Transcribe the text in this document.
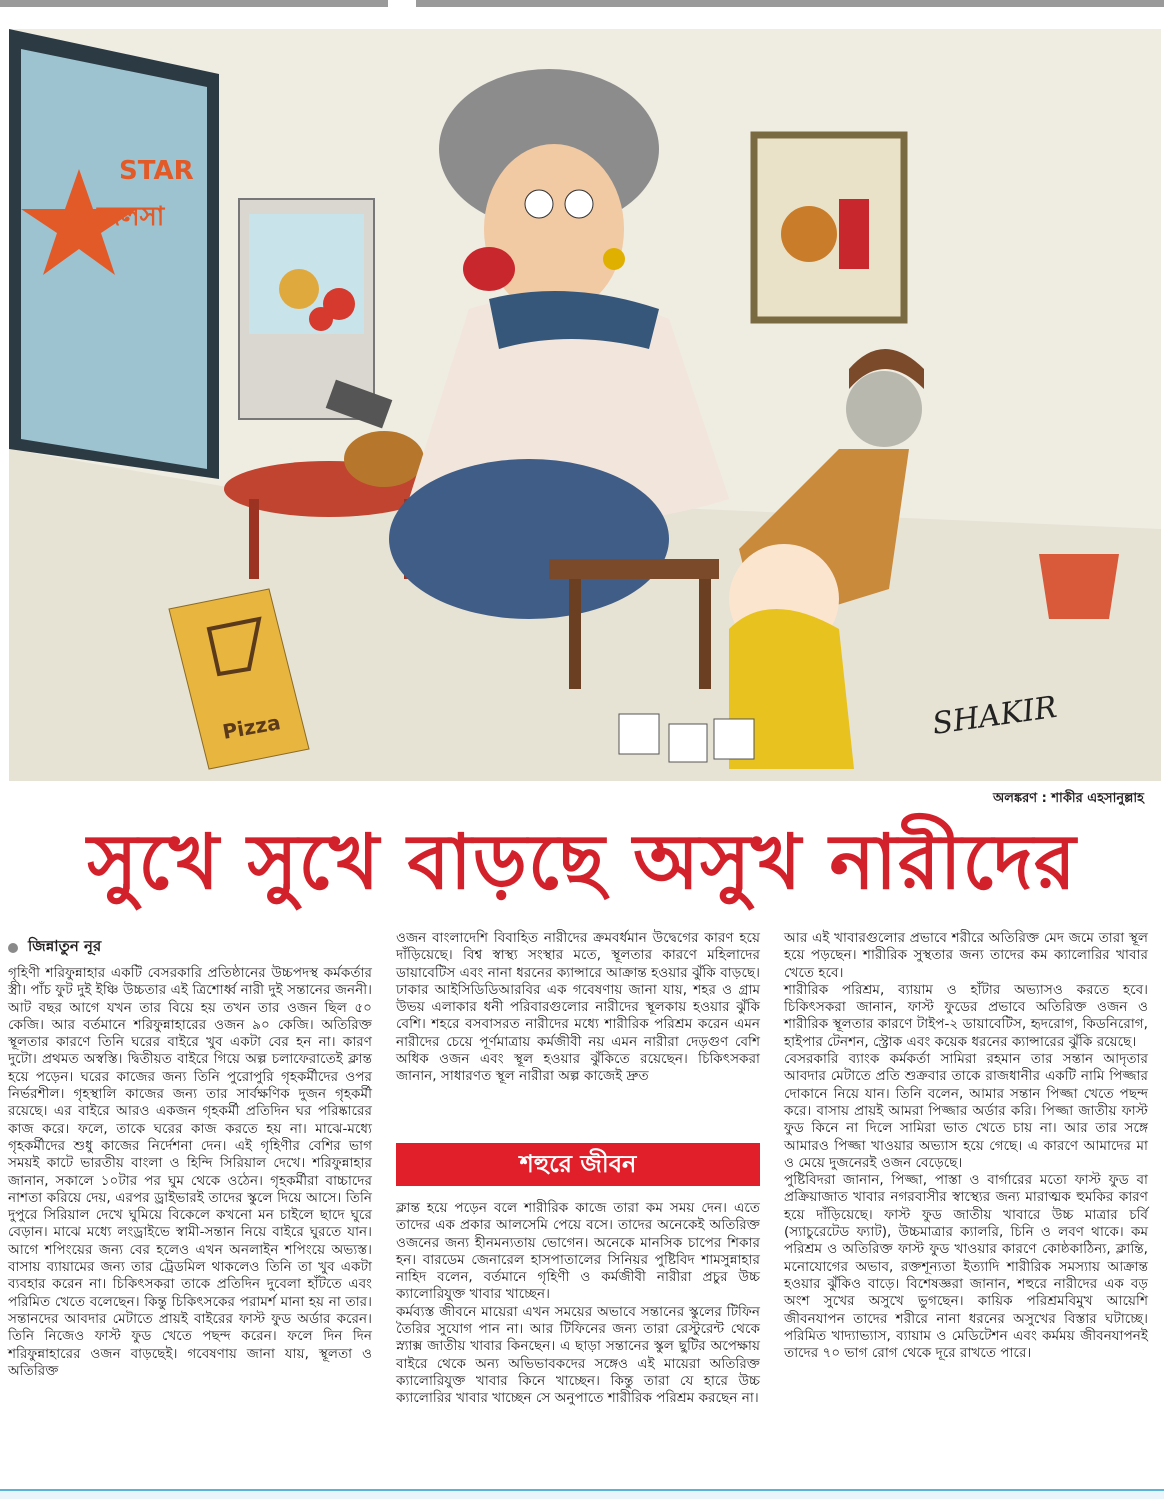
STAR
জলসা
Pizza	SHAKIR
অলঙ্করণ : শাকীর এহসানুল্লাহ
সুখে সুখে বাড়ছে অসুখ নারীদের
জিন্নাতুন নূর

গৃহিণী শরিফুন্নাহার একটি বেসরকারি প্রতিষ্ঠানের উচ্চপদস্থ কর্মকর্তার স্ত্রী। পাঁচ ফুট দুই ইঞ্চি উচ্চতার এই ত্রিশোর্ধ্ব নারী দুই সন্তানের জননী। আট বছর আগে যখন তার বিয়ে হয় তখন তার ওজন ছিল ৫০ কেজি। আর বর্তমানে শরিফুন্নাহারের ওজন ৯০ কেজি। অতিরিক্ত স্থূলতার কারণে তিনি ঘরের বাইরে খুব একটা বের হন না। কারণ দুটো। প্রথমত অস্বস্তি। দ্বিতীয়ত বাইরে গিয়ে অল্প চলাফেরাতেই ক্লান্ত হয়ে পড়েন। ঘরের কাজের জন্য তিনি পুরোপুরি গৃহকর্মীদের ওপর নির্ভরশীল। গৃহস্থালি কাজের জন্য তার সার্বক্ষণিক দুজন গৃহকর্মী রয়েছে। এর বাইরে আরও একজন গৃহকর্মী প্রতিদিন ঘর পরিষ্কারের কাজ করে। ফলে, তাকে ঘরের কাজ করতে হয় না। মাঝে-মধ্যে গৃহকর্মীদের শুধু কাজের নির্দেশনা দেন। এই গৃহিণীর বেশির ভাগ সময়ই কাটে ভারতীয় বাংলা ও হিন্দি সিরিয়াল দেখে। শরিফুন্নাহার জানান, সকালে ১০টার পর ঘুম থেকে ওঠেন। গৃহকর্মীরা বাচ্চাদের নাশতা করিয়ে দেয়, এরপর ড্রাইভারই তাদের স্কুলে দিয়ে আসে। তিনি দুপুরে সিরিয়াল দেখে ঘুমিয়ে বিকেলে কখনো মন চাইলে ছাদে ঘুরে বেড়ান। মাঝে মধ্যে লংড্রাইভে স্বামী-সন্তান নিয়ে বাইরে ঘুরতে যান। আগে শপিংয়ের জন্য বের হলেও এখন অনলাইন শপিংয়ে অভ্যস্ত। বাসায় ব্যায়ামের জন্য তার ট্রেডমিল থাকলেও তিনি তা খুব একটা ব্যবহার করেন না। চিকিৎসকরা তাকে প্রতিদিন দুবেলা হাঁটতে এবং পরিমিত খেতে বলেছেন। কিন্তু চিকিৎসকের পরামর্শ মানা হয় না তার। সন্তানদের আবদার মেটাতে প্রায়ই বাইরের ফাস্ট ফুড অর্ডার করেন। তিনি নিজেও ফাস্ট ফুড খেতে পছন্দ করেন। ফলে দিন দিন শরিফুন্নাহারের ওজন বাড়ছেই। গবেষণায় জানা যায়, স্থূলতা ও অতিরিক্ত

ওজন বাংলাদেশি বিবাহিত নারীদের ক্রমবর্ধমান উদ্বেগের কারণ হয়ে দাঁড়িয়েছে। বিশ্ব স্বাস্থ্য সংস্থার মতে, স্থূলতার কারণে মহিলাদের ডায়াবেটিস এবং নানা ধরনের ক্যান্সারে আক্রান্ত হওয়ার ঝুঁকি বাড়ছে। ঢাকার আইসিডিডিআরবির এক গবেষণায় জানা যায়, শহর ও গ্রাম উভয় এলাকার ধনী পরিবারগুলোর নারীদের স্থূলকায় হওয়ার ঝুঁকি বেশি। শহরে বসবাসরত নারীদের মধ্যে শারীরিক পরিশ্রম করেন এমন নারীদের চেয়ে পূর্ণমাত্রায় কর্মজীবী নয় এমন নারীরা দেড়গুণ বেশি অধিক ওজন এবং স্থূল হওয়ার ঝুঁকিতে রয়েছেন। চিকিৎসকরা জানান, সাধারণত স্থূল নারীরা অল্প কাজেই দ্রুত

শহুরে জীবন

ক্লান্ত হয়ে পড়েন বলে শারীরিক কাজে তারা কম সময় দেন। এতে তাদের এক প্রকার আলসেমি পেয়ে বসে। তাদের অনেকেই অতিরিক্ত ওজনের জন্য হীনমন্যতায় ভোগেন। অনেকে মানসিক চাপের শিকার হন। বারডেম জেনারেল হাসপাতালের সিনিয়র পুষ্টিবিদ শামসুন্নাহার নাহিদ বলেন, বর্তমানে গৃহিণী ও কর্মজীবী নারীরা প্রচুর উচ্চ ক্যালোরিযুক্ত খাবার খাচ্ছেন।

কর্মব্যস্ত জীবনে মায়েরা এখন সময়ের অভাবে সন্তানের স্কুলের টিফিন তৈরির সুযোগ পান না। আর টিফিনের জন্য তারা রেস্টুরেন্ট থেকে স্ন্যাক্স জাতীয় খাবার কিনছেন। এ ছাড়া সন্তানের স্কুল ছুটির অপেক্ষায় বাইরে থেকে অন্য অভিভাবকদের সঙ্গেও এই মায়েরা অতিরিক্ত ক্যালোরিযুক্ত খাবার কিনে খাচ্ছেন। কিন্তু তারা যে হারে উচ্চ ক্যালোরির খাবার খাচ্ছেন সে অনুপাতে শারীরিক পরিশ্রম করছেন না।

আর এই খাবারগুলোর প্রভাবে শরীরে অতিরিক্ত মেদ জমে তারা স্থূল হয়ে পড়ছেন। শারীরিক সুস্থতার জন্য তাদের কম ক্যালোরির খাবার খেতে হবে।

শারীরিক পরিশ্রম, ব্যায়াম ও হাঁটার অভ্যাসও করতে হবে। চিকিৎসকরা জানান, ফাস্ট ফুডের প্রভাবে অতিরিক্ত ওজন ও শারীরিক স্থূলতার কারণে টাইপ-২ ডায়াবেটিস, হৃদরোগ, কিডনিরোগ, হাইপার টেনশন, স্ট্রোক এবং কয়েক ধরনের ক্যান্সারের ঝুঁকি রয়েছে।

বেসরকারি ব্যাংক কর্মকর্তা সামিরা রহমান তার সন্তান আদৃতার আবদার মেটাতে প্রতি শুক্রবার তাকে রাজধানীর একটি নামি পিজ্জার দোকানে নিয়ে যান। তিনি বলেন, আমার সন্তান পিজ্জা খেতে পছন্দ করে। বাসায় প্রায়ই আমরা পিজ্জার অর্ডার করি। পিজ্জা জাতীয় ফাস্ট ফুড কিনে না দিলে সামিরা ভাত খেতে চায় না। আর তার সঙ্গে আমারও পিজ্জা খাওয়ার অভ্যাস হয়ে গেছে। এ কারণে আমাদের মা ও মেয়ে দুজনেরই ওজন বেড়েছে।

পুষ্টিবিদরা জানান, পিজ্জা, পাস্তা ও বার্গারের মতো ফাস্ট ফুড বা প্রক্রিয়াজাত খাবার নগরবাসীর স্বাস্থ্যের জন্য মারাত্মক হুমকির কারণ হয়ে দাঁড়িয়েছে। ফাস্ট ফুড জাতীয় খাবারে উচ্চ মাত্রার চর্বি (স্যাচুরেটেড ফ্যাট), উচ্চমাত্রার ক্যালরি, চিনি ও লবণ থাকে। কম পরিশ্রম ও অতিরিক্ত ফাস্ট ফুড খাওয়ার কারণে কোষ্ঠকাঠিন্য, ক্লান্তি, মনোযোগের অভাব, রক্তশূন্যতা ইত্যাদি শারীরিক সমস্যায় আক্রান্ত হওয়ার ঝুঁকিও বাড়ে। বিশেষজ্ঞরা জানান, শহুরে নারীদের এক বড় অংশ সুখের অসুখে ভুগছেন। কায়িক পরিশ্রমবিমুখ আয়েশি জীবনযাপন তাদের শরীরে নানা ধরনের অসুখের বিস্তার ঘটাচ্ছে। পরিমিত খাদ্যাভ্যাস, ব্যায়াম ও মেডিটেশন এবং কর্মময় জীবনযাপনই তাদের ৭০ ভাগ রোগ থেকে দূরে রাখতে পারে।
